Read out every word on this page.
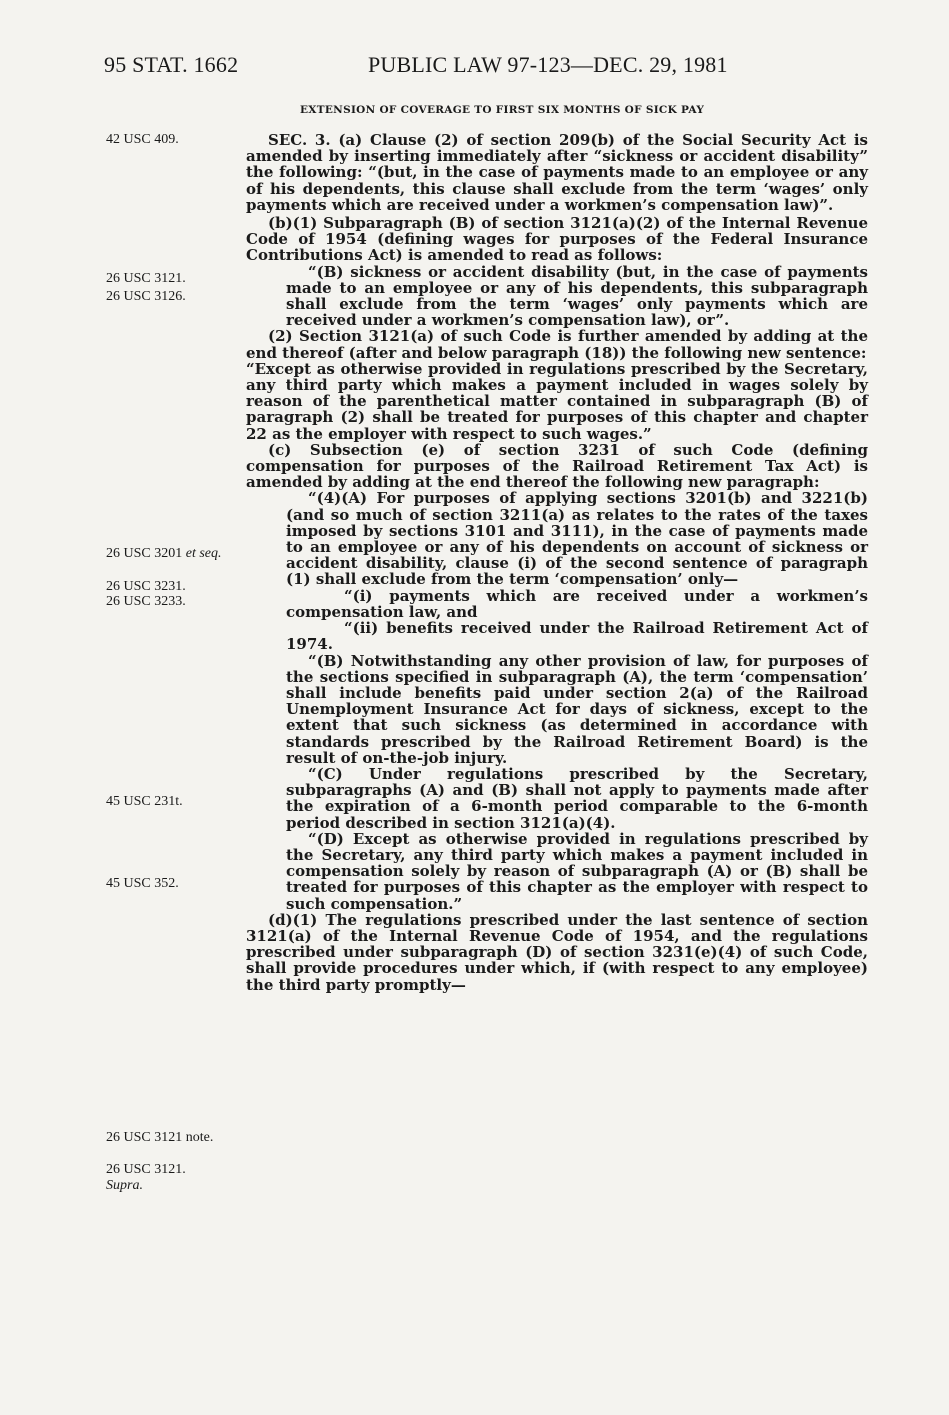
95 STAT. 1662	PUBLIC LAW 97-123—DEC. 29, 1981
EXTENSION OF COVERAGE TO FIRST SIX MONTHS OF SICK PAY
42 USC 409.
26 USC 3121.
26 USC 3126.
26 USC 3201 et seq.
26 USC 3231.
26 USC 3233.
45 USC 231t.
45 USC 352.
26 USC 3121 note.
26 USC 3121.
Supra.

SEC. 3. (a) Clause (2) of section 209(b) of the Social Security Act is amended by inserting immediately after “sickness or accident disability” the following: “(but, in the case of payments made to an employee or any of his dependents, this clause shall exclude from the term ‘wages’ only payments which are received under a workmen’s compensation law)”.

(b)(1) Subparagraph (B) of section 3121(a)(2) of the Internal Revenue Code of 1954 (defining wages for purposes of the Federal Insurance Contributions Act) is amended to read as follows:

“(B) sickness or accident disability (but, in the case of payments made to an employee or any of his dependents, this subparagraph shall exclude from the term ‘wages’ only payments which are received under a workmen’s compensation law), or”.

(2) Section 3121(a) of such Code is further amended by adding at the end thereof (after and below paragraph (18)) the following new sentence:

“Except as otherwise provided in regulations prescribed by the Secretary, any third party which makes a payment included in wages solely by reason of the parenthetical matter contained in subparagraph (B) of paragraph (2) shall be treated for purposes of this chapter and chapter 22 as the employer with respect to such wages.”

(c) Subsection (e) of section 3231 of such Code (defining compensation for purposes of the Railroad Retirement Tax Act) is amended by adding at the end thereof the following new paragraph:

“(4)(A) For purposes of applying sections 3201(b) and 3221(b) (and so much of section 3211(a) as relates to the rates of the taxes imposed by sections 3101 and 3111), in the case of payments made to an employee or any of his dependents on account of sickness or accident disability, clause (i) of the second sentence of paragraph (1) shall exclude from the term ‘compensation’ only—

“(i) payments which are received under a workmen’s compensation law, and

“(ii) benefits received under the Railroad Retirement Act of 1974.

“(B) Notwithstanding any other provision of law, for purposes of the sections specified in subparagraph (A), the term ‘compensation’ shall include benefits paid under section 2(a) of the Railroad Unemployment Insurance Act for days of sickness, except to the extent that such sickness (as determined in accordance with standards prescribed by the Railroad Retirement Board) is the result of on-the-job injury.

“(C) Under regulations prescribed by the Secretary, subparagraphs (A) and (B) shall not apply to payments made after the expiration of a 6-month period comparable to the 6-month period described in section 3121(a)(4).

“(D) Except as otherwise provided in regulations prescribed by the Secretary, any third party which makes a payment included in compensation solely by reason of subparagraph (A) or (B) shall be treated for purposes of this chapter as the employer with respect to such compensation.”

(d)(1) The regulations prescribed under the last sentence of section 3121(a) of the Internal Revenue Code of 1954, and the regulations prescribed under subparagraph (D) of section 3231(e)(4) of such Code, shall provide procedures under which, if (with respect to any employee) the third party promptly—
